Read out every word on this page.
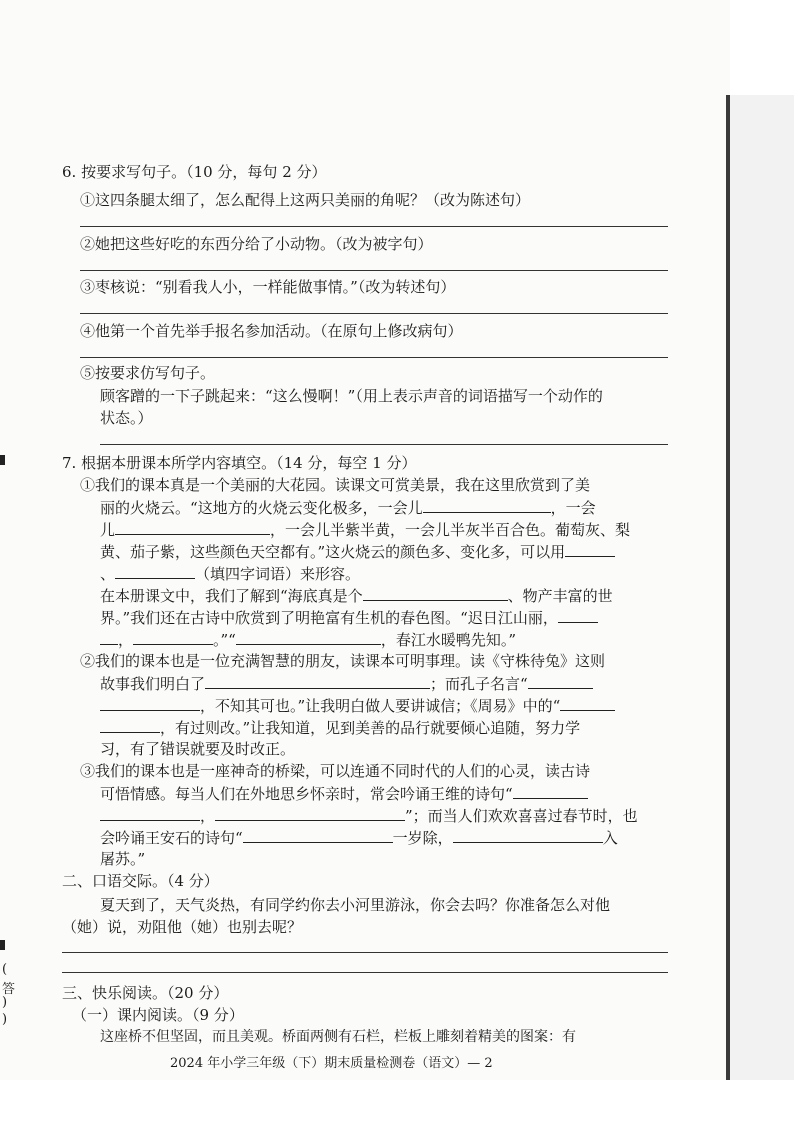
(
答
)
)
6. 按要求写句子。（10 分，每句 2 分）
①这四条腿太细了，怎么配得上这两只美丽的角呢？（改为陈述句）
②她把这些好吃的东西分给了小动物。（改为被字句）
③枣核说：“别看我人小，一样能做事情。”（改为转述句）
④他第一个首先举手报名参加活动。（在原句上修改病句）
⑤按要求仿写句子。
顾客蹭的一下子跳起来：“这么慢啊！”（用上表示声音的词语描写一个动作的
状态。）
7. 根据本册课本所学内容填空。（14 分，每空 1 分）
①我们的课本真是一个美丽的大花园。读课文可赏美景，我在这里欣赏到了美
丽的火烧云。“这地方的火烧云变化极多，一会儿	，一会
儿	，一会儿半紫半黄，一会儿半灰半百合色。葡萄灰、梨
黄、茄子紫，这些颜色天空都有。”这火烧云的颜色多、变化多，可以用
、	（填四字词语）来形容。
在本册课文中，我们了解到“海底真是个	、物产丰富的世
界。”我们还在古诗中欣赏到了明艳富有生机的春色图。“迟日江山丽，
，	。”“	，春江水暖鸭先知。”
②我们的课本也是一位充满智慧的朋友，读课本可明事理。读《守株待兔》这则
故事我们明白了	；而孔子名言“
，不知其可也。”让我明白做人要讲诚信；《周易》中的“
，有过则改。”让我知道，见到美善的品行就要倾心追随，努力学
习，有了错误就要及时改正。
③我们的课本也是一座神奇的桥梁，可以连通不同时代的人们的心灵，读古诗
可悟情感。每当人们在外地思乡怀亲时，常会吟诵王维的诗句“
，	”；而当人们欢欢喜喜过春节时，也
会吟诵王安石的诗句“	一岁除，	入
屠苏。”
二、口语交际。（4 分）
夏天到了，天气炎热，有同学约你去小河里游泳，你会去吗？你准备怎么对他
（她）说，劝阻他（她）也别去呢？
三、快乐阅读。（20 分）
（一）课内阅读。（9 分）
这座桥不但坚固，而且美观。桥面两侧有石栏，栏板上雕刻着精美的图案：有
2024 年小学三年级（下）期末质量检测卷（语文）— 2
